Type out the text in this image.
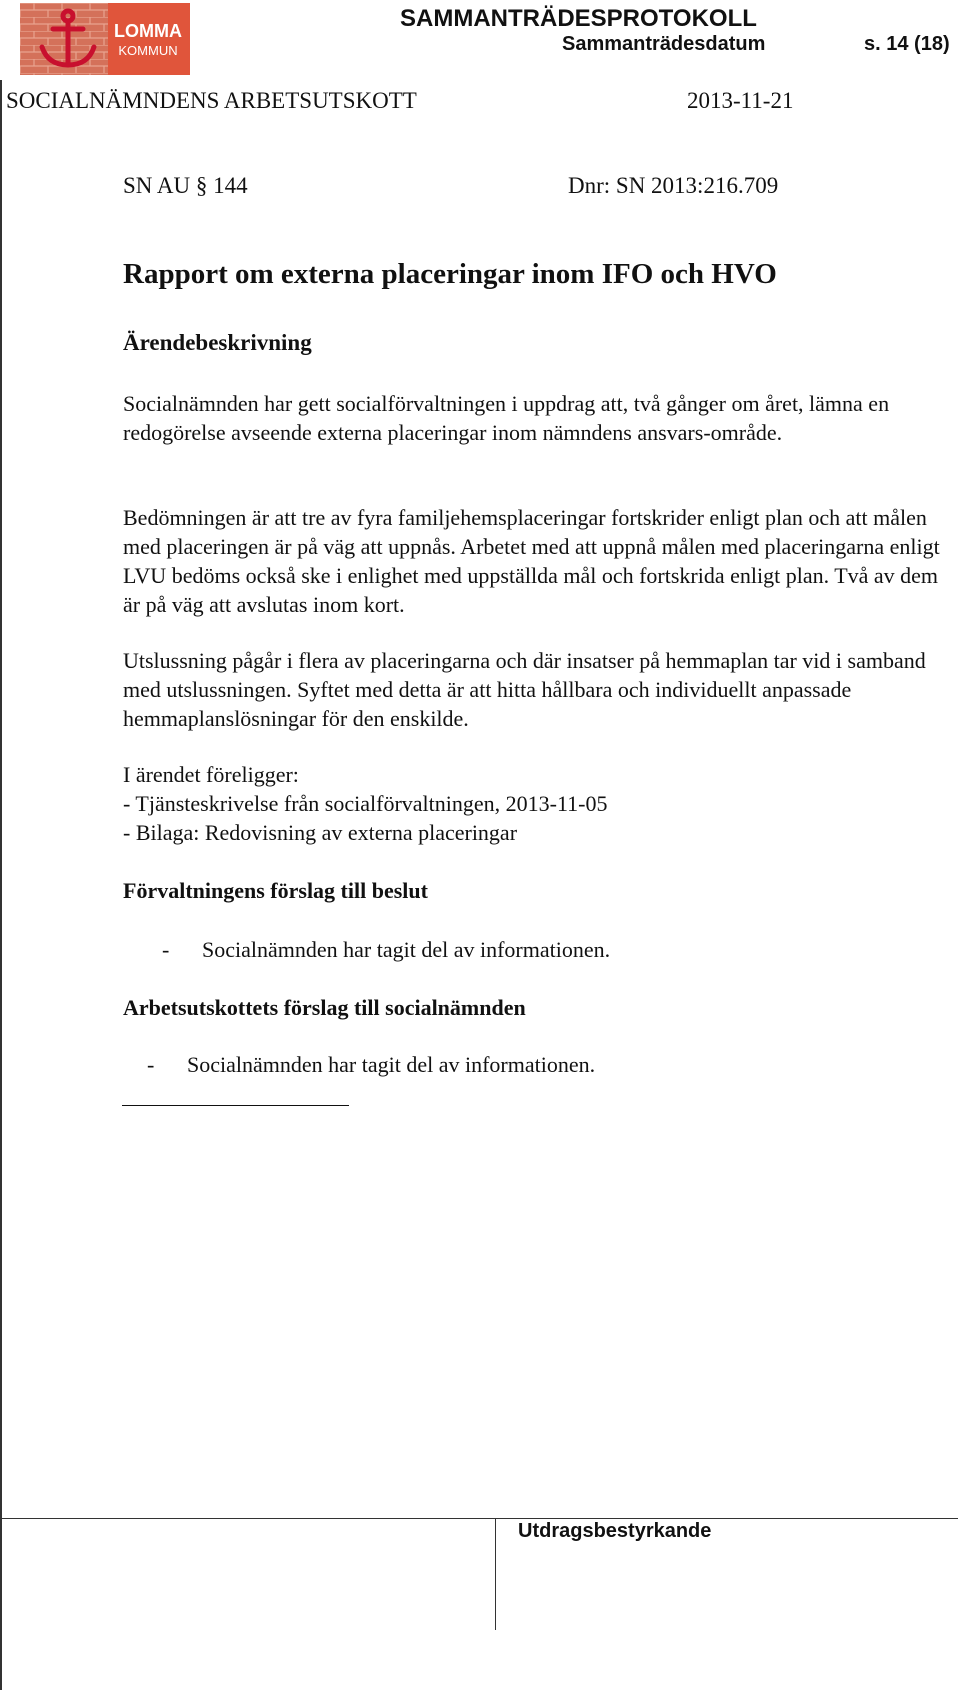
LOMMA
KOMMUN
SAMMANTRÄDESPROTOKOLL
Sammanträdesdatum	s. 14 (18)
SOCIALNÄMNDENS ARBETSUTSKOTT	2013-11-21
Utdragsbestyrkande
SN AU § 144	Dnr: SN 2013:216.709
Rapport om externa placeringar inom IFO och HVO
Ärendebeskrivning

Socialnämnden har gett socialförvaltningen i uppdrag att, två gånger om året, lämna en redogörelse avseende externa placeringar inom nämndens ansvars-område.

Bedömningen är att tre av fyra familjehemsplaceringar fortskrider enligt plan och att målen med placeringen är på väg att uppnås. Arbetet med att uppnå målen med placeringarna enligt LVU bedöms också ske i enlighet med uppställda mål och fortskrida enligt plan. Två av dem är på väg att avslutas inom kort.

Utslussning pågår i flera av placeringarna och där insatser på hemmaplan tar vid i samband med utslussningen. Syftet med detta är att hitta hållbara och individuellt anpassade hemmaplanslösningar för den enskilde.

I ärendet föreligger:
- Tjänsteskrivelse från socialförvaltningen, 2013-11-05
- Bilaga: Redovisning av externa placeringar
Förvaltningens förslag till beslut
- Socialnämnden har tagit del av informationen.
Arbetsutskottets förslag till socialnämnden
- Socialnämnden har tagit del av informationen.
